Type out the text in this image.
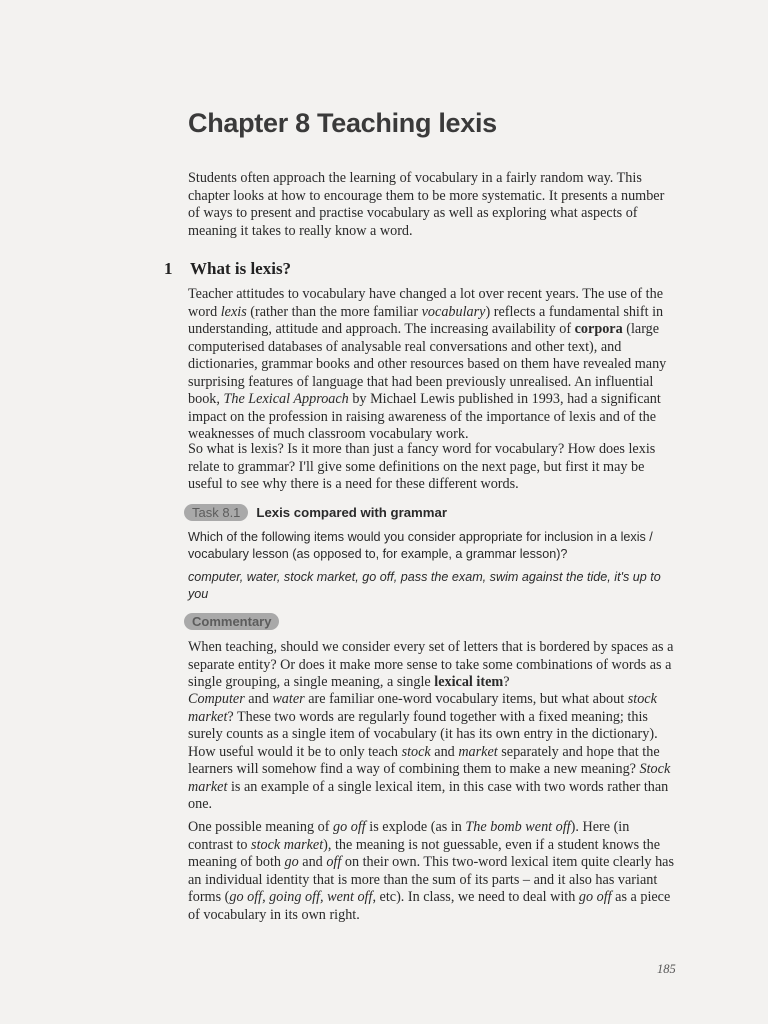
Chapter 8 Teaching lexis

Students often approach the learning of vocabulary in a fairly random way. This chapter looks at how to encourage them to be more systematic. It presents a number of ways to present and practise vocabulary as well as exploring what aspects of meaning it takes to really know a word.

1 What is lexis?

Teacher attitudes to vocabulary have changed a lot over recent years. The use of the word lexis (rather than the more familiar vocabulary) reflects a fundamental shift in understanding, attitude and approach. The increasing availability of corpora (large computerised databases of analysable real conversations and other text), and dictionaries, grammar books and other resources based on them have revealed many surprising features of language that had been previously unrealised. An influential book, The Lexical Approach by Michael Lewis published in 1993, had a significant impact on the profession in raising awareness of the importance of lexis and of the weaknesses of much classroom vocabulary work.

So what is lexis? Is it more than just a fancy word for vocabulary? How does lexis relate to grammar? I'll give some definitions on the next page, but first it may be useful to see why there is a need for these different words.

Task 8.1	Lexis compared with grammar

Which of the following items would you consider appropriate for inclusion in a lexis / vocabulary lesson (as opposed to, for example, a grammar lesson)?

computer, water, stock market, go off, pass the exam, swim against the tide, it's up to you

Commentary

When teaching, should we consider every set of letters that is bordered by spaces as a separate entity? Or does it make more sense to take some combinations of words as a single grouping, a single meaning, a single lexical item?

Computer and water are familiar one-word vocabulary items, but what about stock market? These two words are regularly found together with a fixed meaning; this surely counts as a single item of vocabulary (it has its own entry in the dictionary). How useful would it be to only teach stock and market separately and hope that the learners will somehow find a way of combining them to make a new meaning? Stock market is an example of a single lexical item, in this case with two words rather than one.

One possible meaning of go off is explode (as in The bomb went off). Here (in contrast to stock market), the meaning is not guessable, even if a student knows the meaning of both go and off on their own. This two-word lexical item quite clearly has an individual identity that is more than the sum of its parts – and it also has variant forms (go off, going off, went off, etc). In class, we need to deal with go off as a piece of vocabulary in its own right.

185
